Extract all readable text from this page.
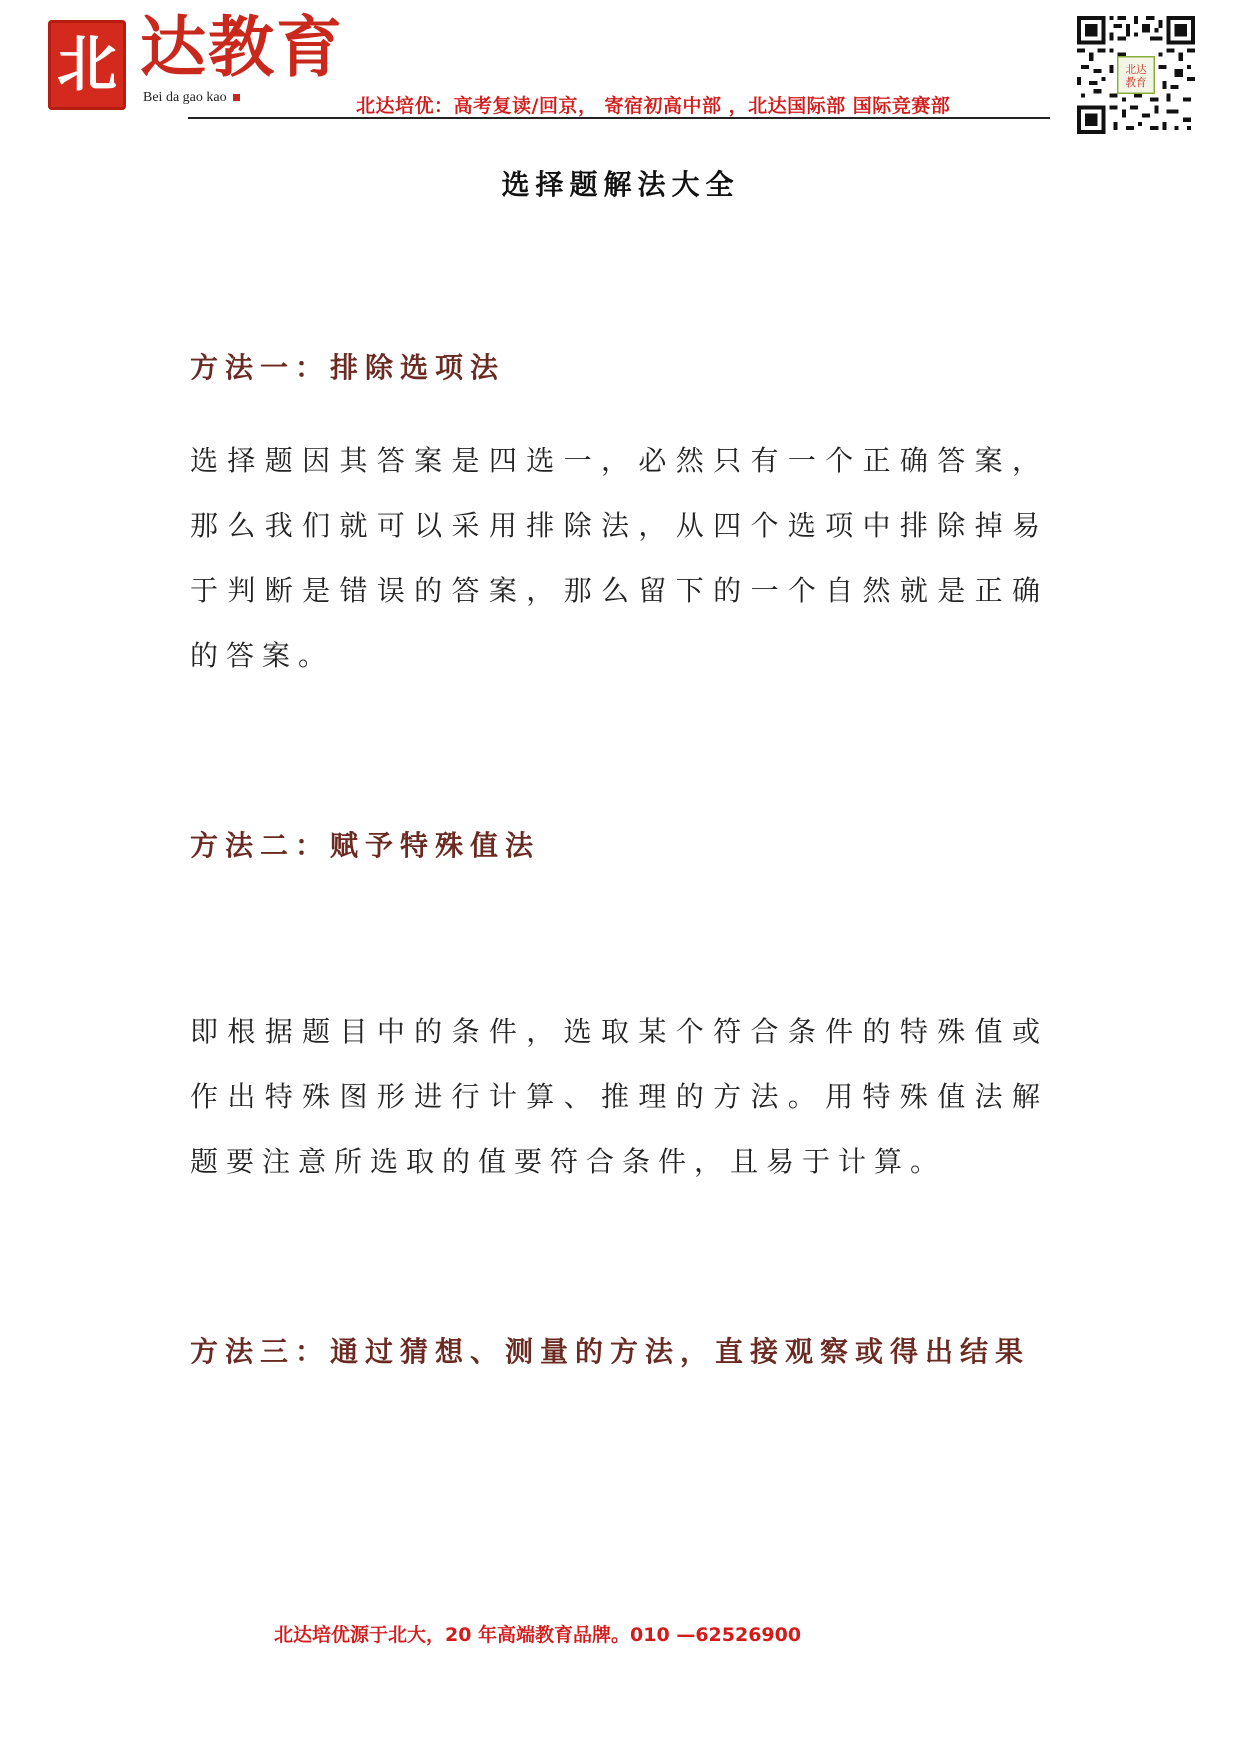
北 达教育
Bei da gao kao	北达培优：高考复读/回京， 寄宿初高中部 ，北达国际部 国际竞赛部
北达
教育
选择题解法大全
方法一：排除选项法
选择题因其答案是四选一，必然只有一个正确答案，那么我们就可以采用排除法，从四个选项中排除掉易于判断是错误的答案，那么留下的一个自然就是正确的答案。
方法二：赋予特殊值法
即根据题目中的条件，选取某个符合条件的特殊值或作出特殊图形进行计算、推理的方法。用特殊值法解题要注意所选取的值要符合条件，且易于计算。
方法三：通过猜想、测量的方法，直接观察或得出结果
北达培优源于北大，20 年高端教育品牌。010 —62526900
